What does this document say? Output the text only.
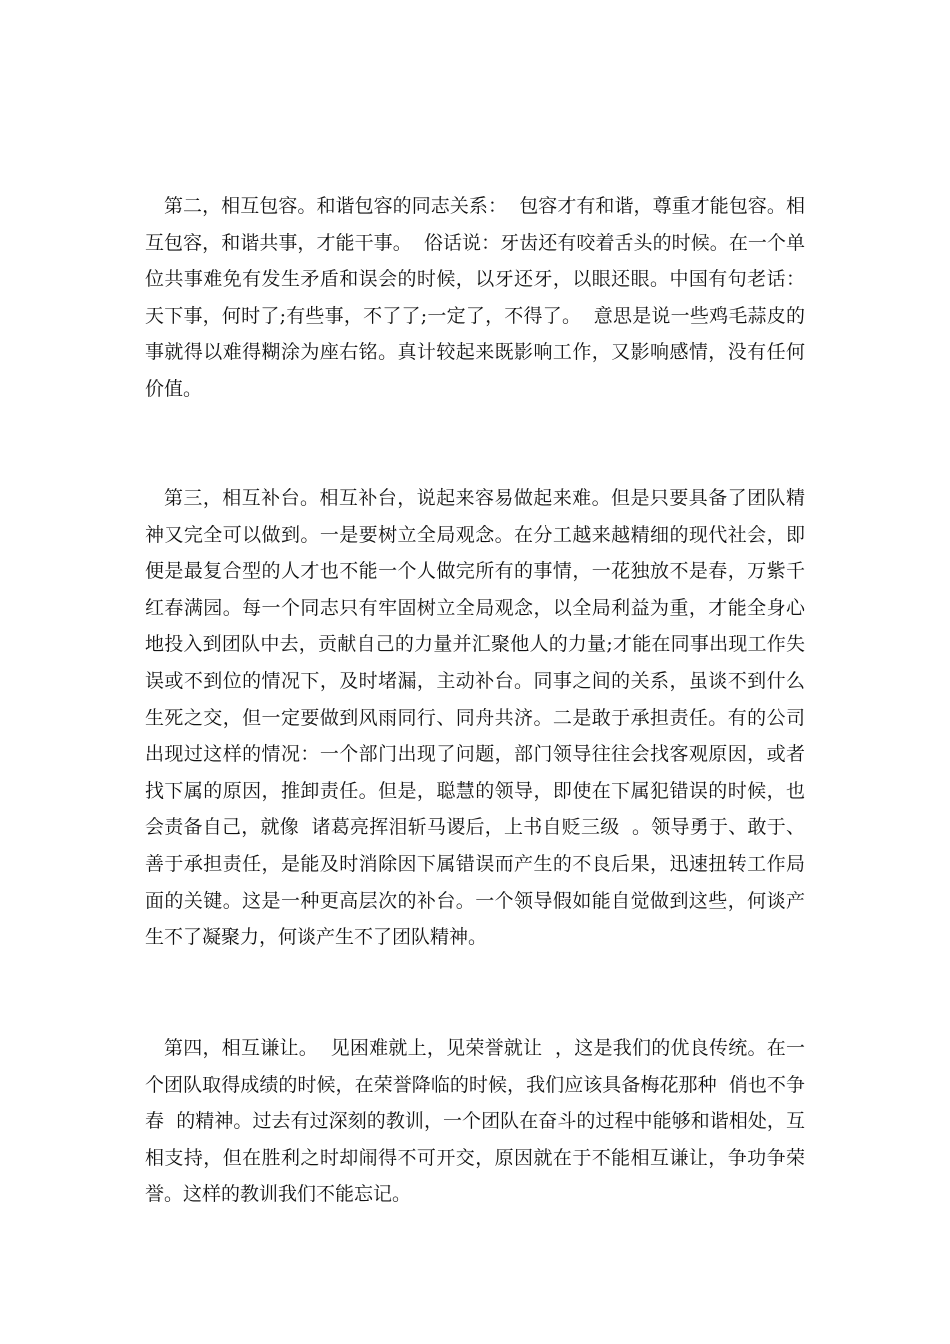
第二，相互包容。和谐包容的同志关系：  包容才有和谐，尊重才能包容。相互包容，和谐共事，才能干事。  俗话说：牙齿还有咬着舌头的时候。在一个单位共事难免有发生矛盾和误会的时候，以牙还牙，以眼还眼。中国有句老话：天下事，何时了;有些事，不了了;一定了，不得了。  意思是说一些鸡毛蒜皮的事就得以难得糊涂为座右铭。真计较起来既影响工作，又影响感情，没有任何价值。

第三，相互补台。相互补台，说起来容易做起来难。但是只要具备了团队精神又完全可以做到。一是要树立全局观念。在分工越来越精细的现代社会，即便是最复合型的人才也不能一个人做完所有的事情，一花独放不是春，万紫千红春满园。每一个同志只有牢固树立全局观念，以全局利益为重，才能全身心地投入到团队中去，贡献自己的力量并汇聚他人的力量;才能在同事出现工作失误或不到位的情况下，及时堵漏，主动补台。同事之间的关系，虽谈不到什么生死之交，但一定要做到风雨同行、同舟共济。二是敢于承担责任。有的公司出现过这样的情况：一个部门出现了问题，部门领导往往会找客观原因，或者找下属的原因，推卸责任。但是，聪慧的领导，即使在下属犯错误的时候，也会责备自己，就像  诸葛亮挥泪斩马谡后，上书自贬三级  。领导勇于、敢于、善于承担责任，是能及时消除因下属错误而产生的不良后果，迅速扭转工作局面的关键。这是一种更高层次的补台。一个领导假如能自觉做到这些，何谈产生不了凝聚力，何谈产生不了团队精神。

第四，相互谦让。  见困难就上，见荣誉就让  ，这是我们的优良传统。在一个团队取得成绩的时候，在荣誉降临的时候，我们应该具备梅花那种  俏也不争春  的精神。过去有过深刻的教训，一个团队在奋斗的过程中能够和谐相处，互相支持，但在胜利之时却闹得不可开交，原因就在于不能相互谦让，争功争荣誉。这样的教训我们不能忘记。
